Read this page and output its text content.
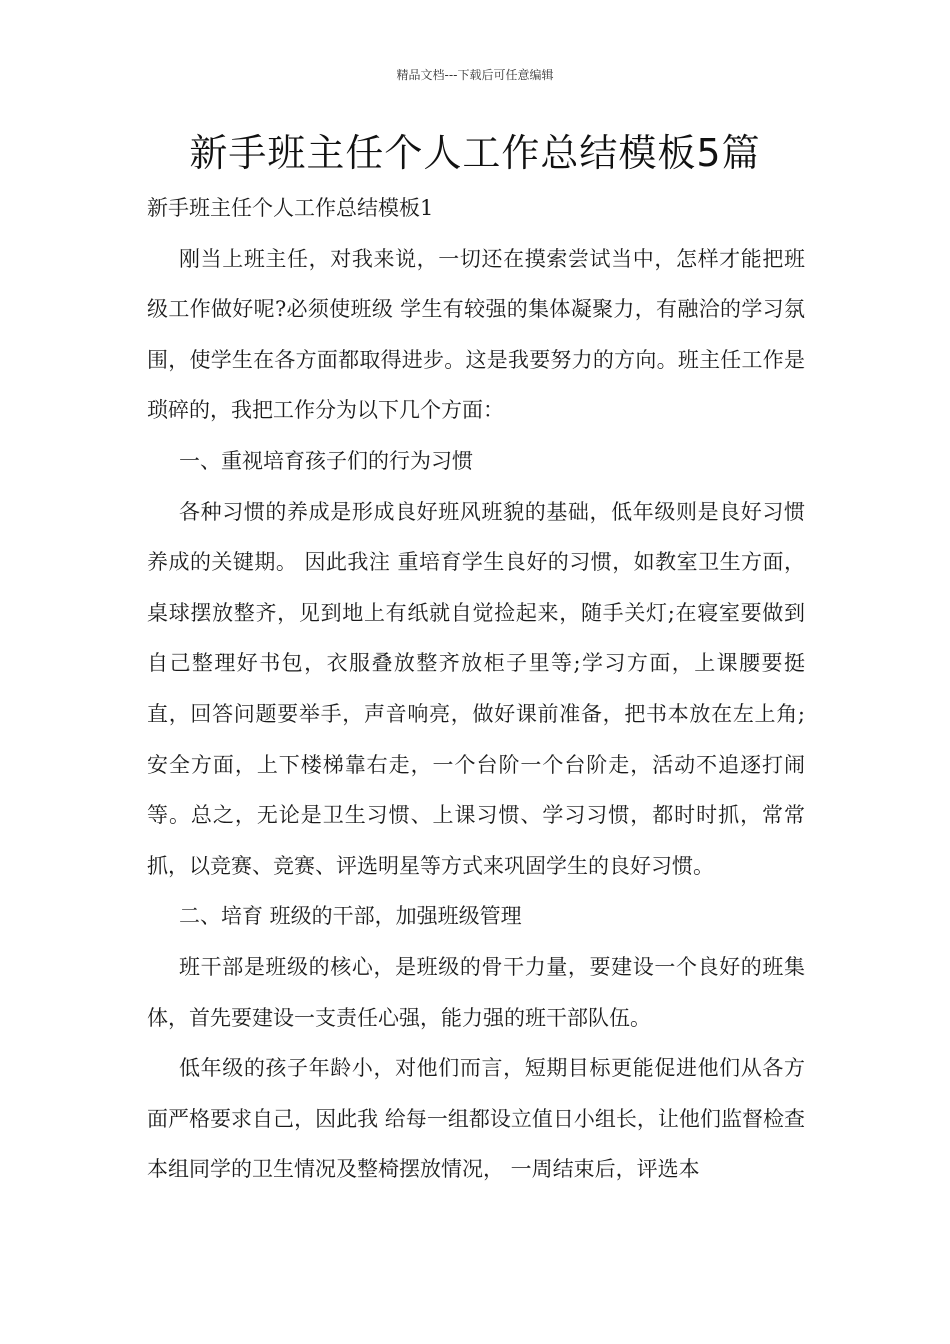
精品文档---下载后可任意编辑
新手班主任个人工作总结模板5篇

新手班主任个人工作总结模板1

刚当上班主任，对我来说，一切还在摸索尝试当中，怎样才能把班级工作做好呢?必须使班级 学生有较强的集体凝聚力，有融洽的学习氛围，使学生在各方面都取得进步。这是我要努力的方向。班主任工作是琐碎的，我把工作分为以下几个方面：

一、重视培育孩子们的行为习惯

各种习惯的养成是形成良好班风班貌的基础，低年级则是良好习惯养成的关键期。 因此我注 重培育学生良好的习惯，如教室卫生方面，桌球摆放整齐，见到地上有纸就自觉捡起来，随手关灯;在寝室要做到自己整理好书包，衣服叠放整齐放柜子里等;学习方面，上课腰要挺直，回答问题要举手，声音响亮，做好课前准备，把书本放在左上角;安全方面，上下楼梯靠右走，一个台阶一个台阶走，活动不追逐打闹等。总之，无论是卫生习惯、上课习惯、学习习惯，都时时抓，常常抓，以竞赛、竞赛、评选明星等方式来巩固学生的良好习惯。

二、培育 班级的干部，加强班级管理

班干部是班级的核心，是班级的骨干力量，要建设一个良好的班集体，首先要建设一支责任心强，能力强的班干部队伍。

低年级的孩子年龄小，对他们而言，短期目标更能促进他们从各方面严格要求自己，因此我 给每一组都设立值日小组长，让他们监督检查本组同学的卫生情况及整椅摆放情况， 一周结束后，评选本
